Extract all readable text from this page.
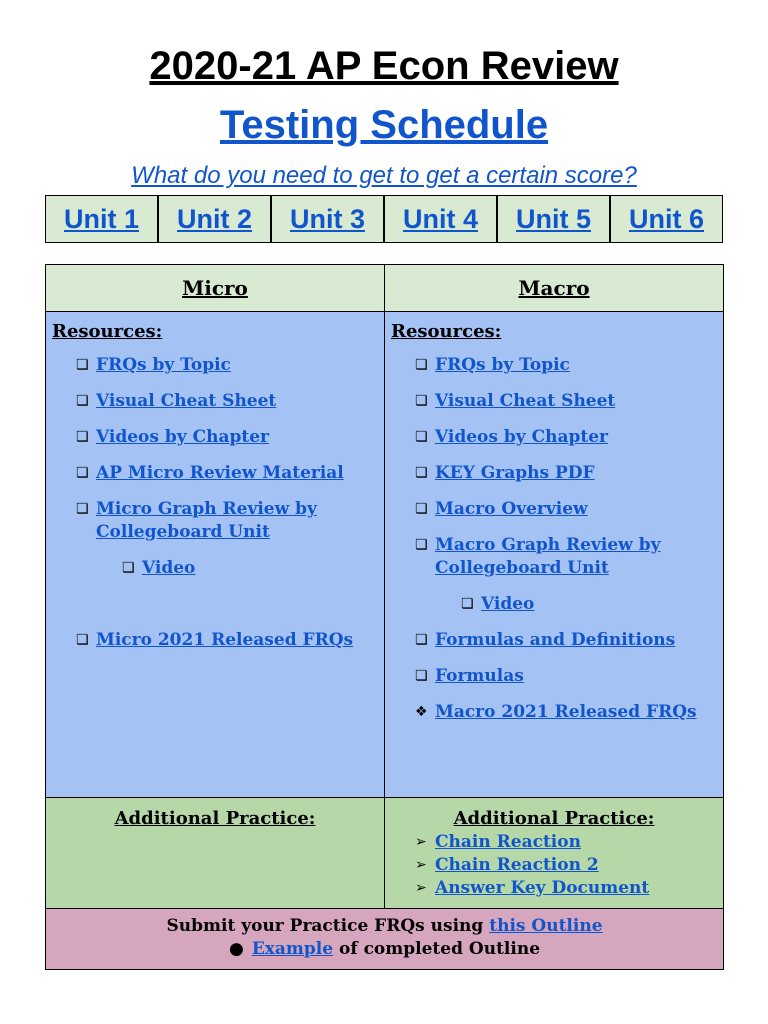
2020-21 AP Econ Review
Testing Schedule
What do you need to get to get a certain score?
Unit 1 Unit 2 Unit 3 Unit 4 Unit 5 Unit 6
Micro	Macro
Resources:
❏ FRQs by Topic
❏ Visual Cheat Sheet
❏ Videos by Chapter
❏ AP Micro Review Material
❏ Micro Graph Review by Collegeboard Unit
❏ Video
❏ Micro 2021 Released FRQs
Resources:
❏ FRQs by Topic
❏ Visual Cheat Sheet
❏ Videos by Chapter
❏ KEY Graphs PDF
❏ Macro Overview
❏ Macro Graph Review by Collegeboard Unit
❏ Video
❏ Formulas and Definitions
❏ Formulas
❖ Macro 2021 Released FRQs
Additional Practice:	Additional Practice:
➢ Chain Reaction
➢ Chain Reaction 2
➢ Answer Key Document
Submit your Practice FRQs using this Outline
● Example of completed Outline
